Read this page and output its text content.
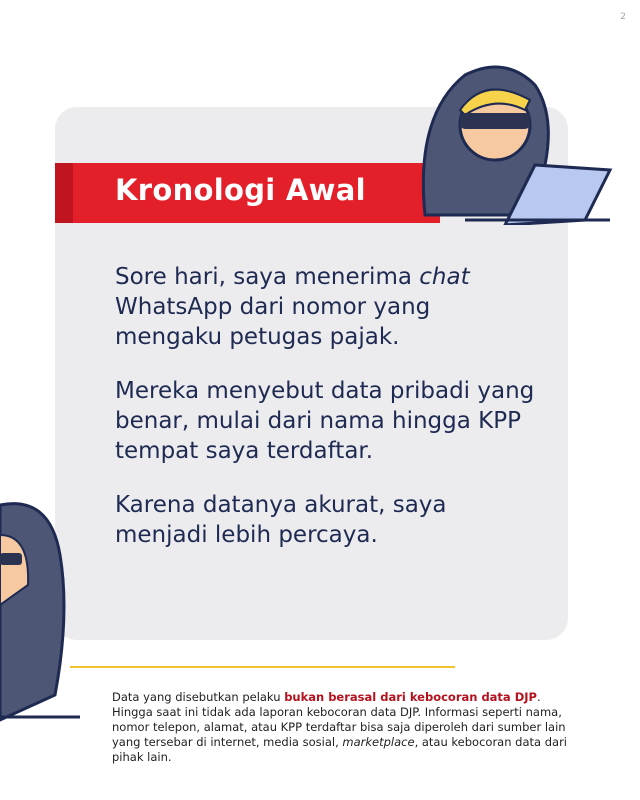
2
Kronologi Awal

Sore hari, saya menerima chat WhatsApp dari nomor yang mengaku petugas pajak.

Mereka menyebut data pribadi yang benar, mulai dari nama hingga KPP tempat saya terdaftar.

Karena datanya akurat, saya menjadi lebih percaya.

Data yang disebutkan pelaku bukan berasal dari kebocoran data DJP. Hingga saat ini tidak ada laporan kebocoran data DJP. Informasi seperti nama, nomor telepon, alamat, atau KPP terdaftar bisa saja diperoleh dari sumber lain yang tersebar di internet, media sosial, marketplace, atau kebocoran data dari pihak lain.
